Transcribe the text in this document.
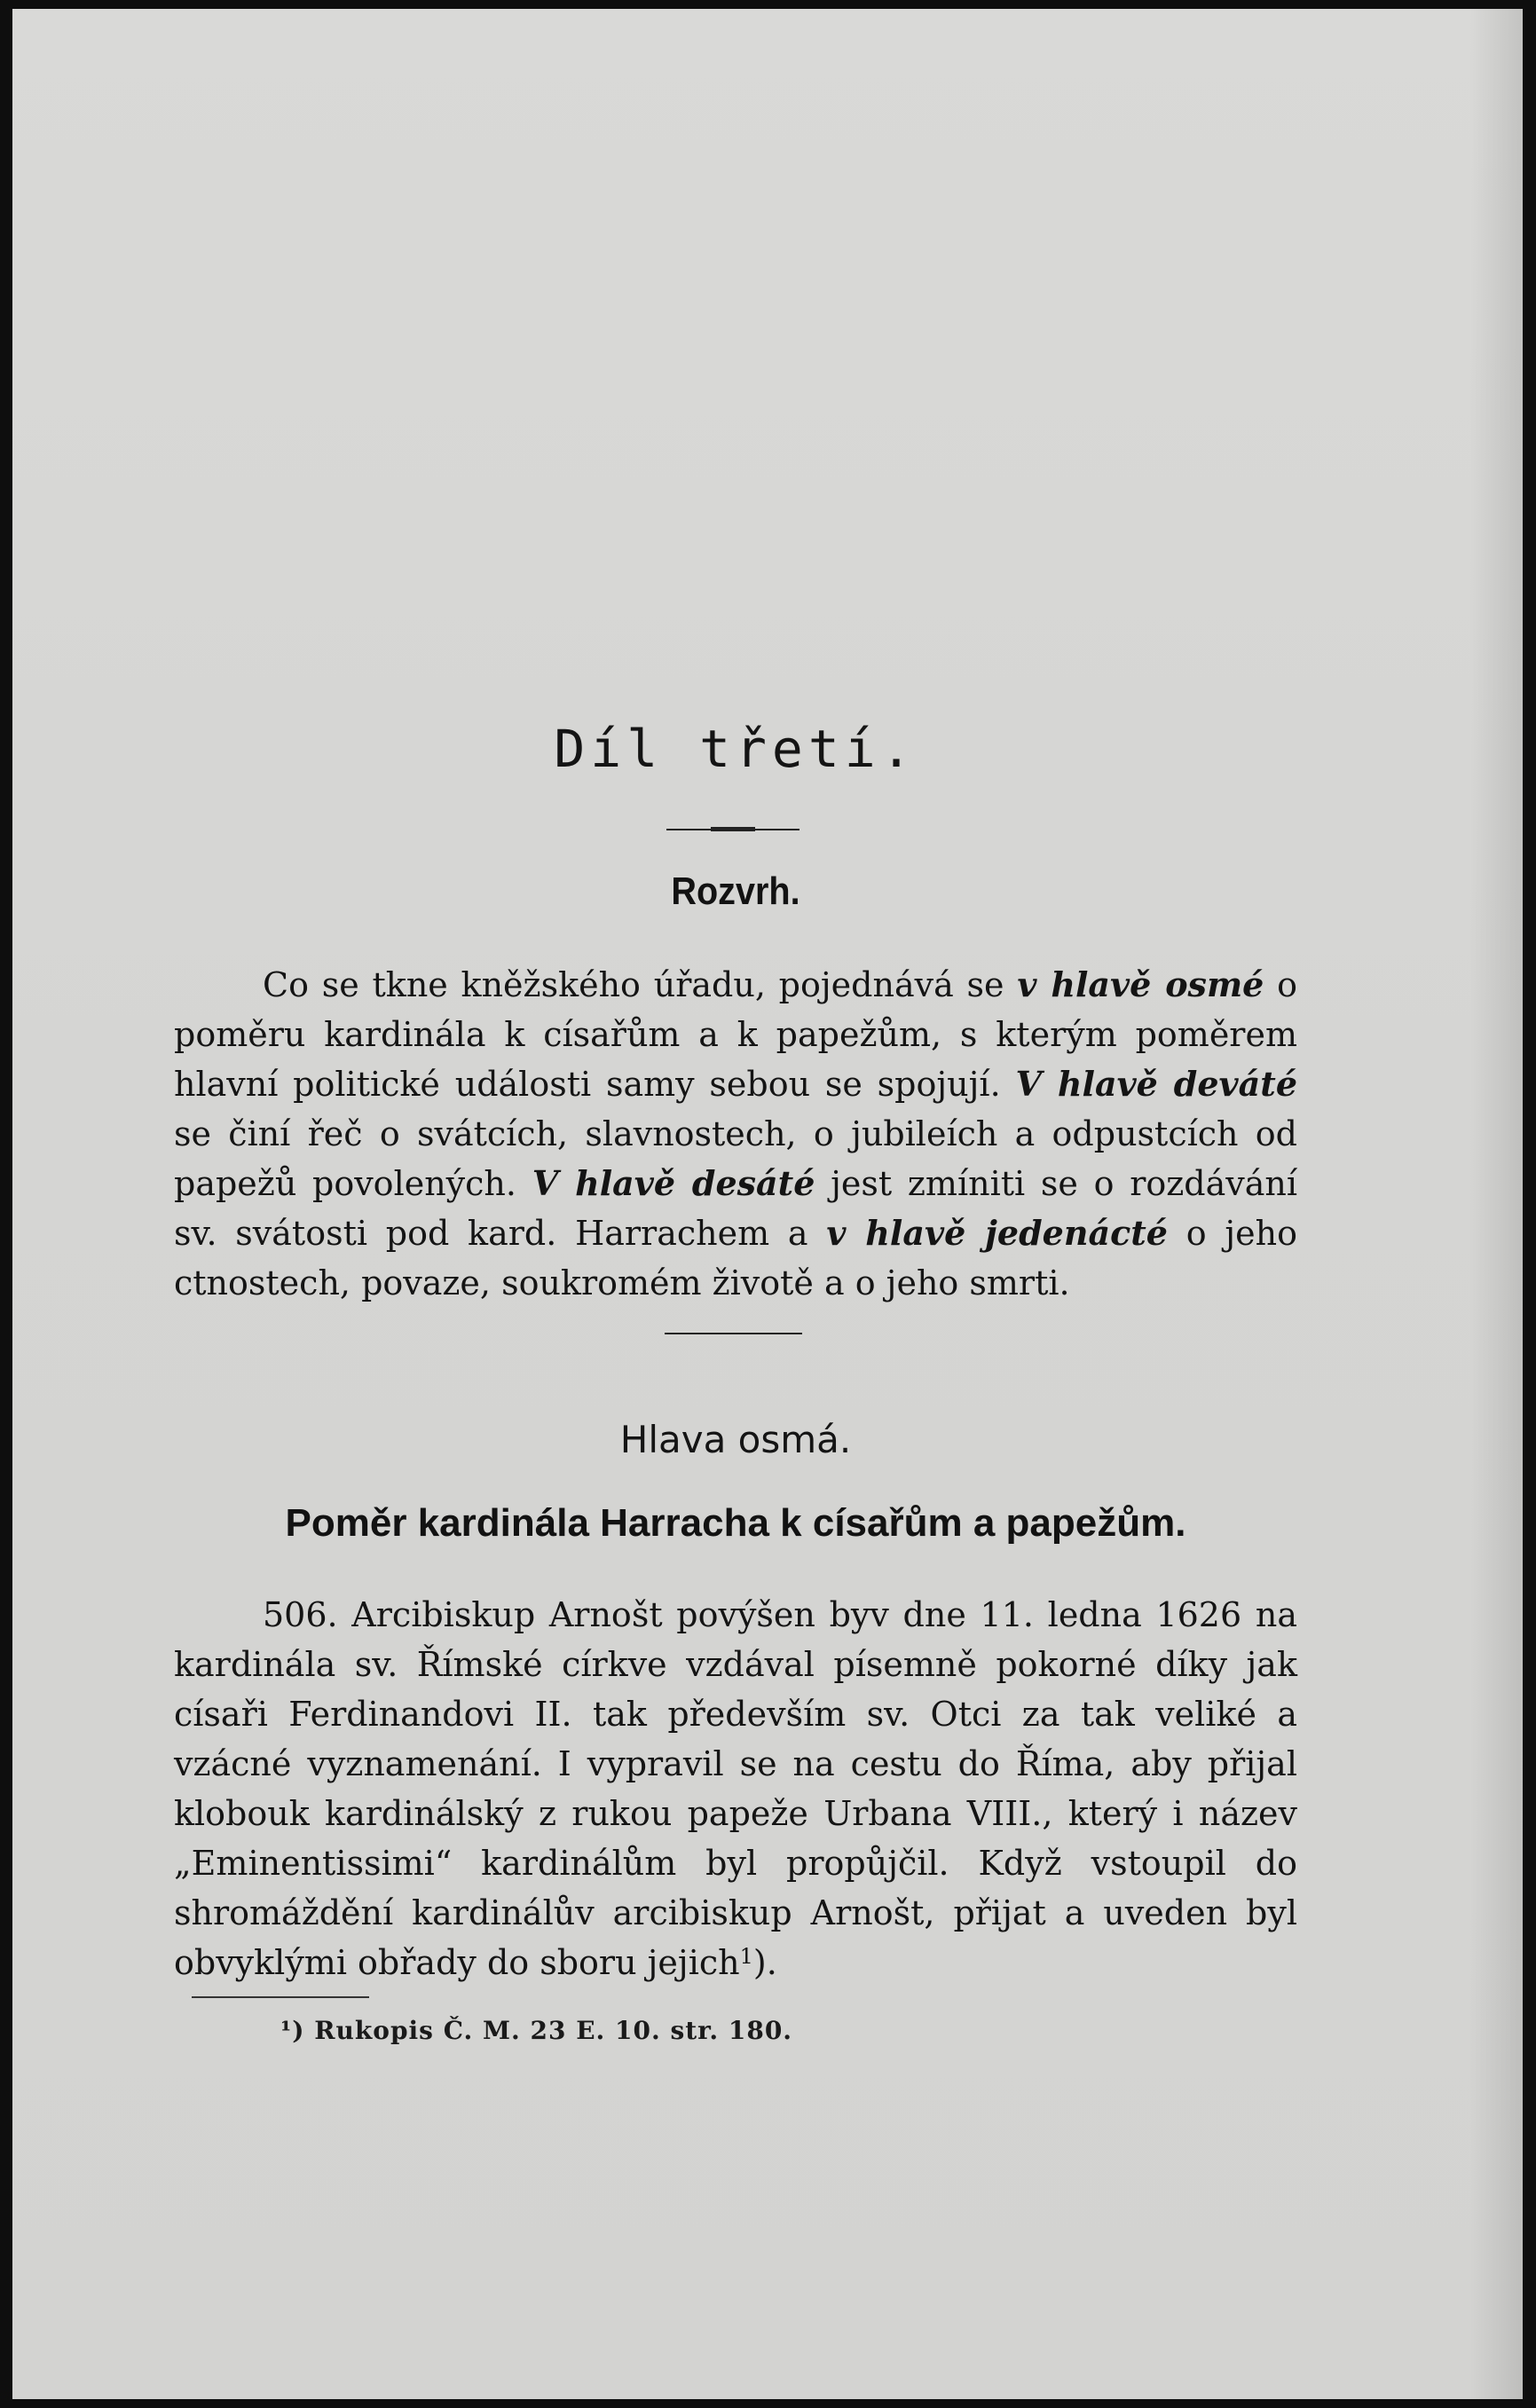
Díl třetí.
Rozvrh.

Co se tkne kněžského úřadu, pojednává se v hlavě osmé o poměru kardinála k císařům a k papežům, s kterým poměrem hlavní politické události samy sebou se spojují. V hlavě deváté se činí řeč o svátcích, slavnostech, o jubileích a odpustcích od papežů povolených. V hlavě desáté jest zmíniti se o rozdávání sv. svátosti pod kard. Harrachem a v hlavě jedenácté o jeho ctnostech, povaze, soukromém životě a o jeho smrti.

Hlava osmá.
Poměr kardinála Harracha k císařům a papežům.

506. Arcibiskup Arnošt povýšen byv dne 11. ledna 1626 na kardinála sv. Římské církve vzdával písemně pokorné díky jak císaři Ferdinandovi II. tak především sv. Otci za tak veliké a vzácné vyznamenání. I vypravil se na cestu do Říma, aby přijal klobouk kardinálský z rukou papeže Urbana VIII., který i název „Eminentissimi“ kardinálům byl propůjčil. Když vstoupil do shromáždění kardinálův arcibiskup Arnošt, přijat a uveden byl obvyklými obřady do sboru jejich$^1$).

¹) Rukopis Č. M. 23 E. 10. str. 180.
